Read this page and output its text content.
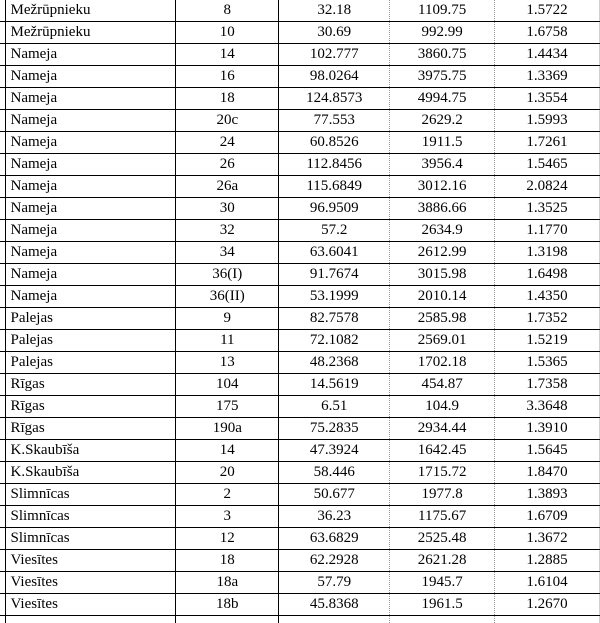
	Mežrūpnieku	8	32.18	1109.75	1.5722
	Mežrūpnieku	10	30.69	992.99	1.6758
	Nameja	14	102.777	3860.75	1.4434
	Nameja	16	98.0264	3975.75	1.3369
	Nameja	18	124.8573	4994.75	1.3554
	Nameja	20c	77.553	2629.2	1.5993
	Nameja	24	60.8526	1911.5	1.7261
	Nameja	26	112.8456	3956.4	1.5465
	Nameja	26a	115.6849	3012.16	2.0824
	Nameja	30	96.9509	3886.66	1.3525
	Nameja	32	57.2	2634.9	1.1770
	Nameja	34	63.6041	2612.99	1.3198
	Nameja	36(I)	91.7674	3015.98	1.6498
	Nameja	36(II)	53.1999	2010.14	1.4350
	Palejas	9	82.7578	2585.98	1.7352
	Palejas	11	72.1082	2569.01	1.5219
	Palejas	13	48.2368	1702.18	1.5365
	Rīgas	104	14.5619	454.87	1.7358
	Rīgas	175	6.51	104.9	3.3648
	Rīgas	190a	75.2835	2934.44	1.3910
	K.Skaubīša	14	47.3924	1642.45	1.5645
	K.Skaubīša	20	58.446	1715.72	1.8470
	Slimnīcas	2	50.677	1977.8	1.3893
	Slimnīcas	3	36.23	1175.67	1.6709
	Slimnīcas	12	63.6829	2525.48	1.3672
	Viesītes	18	62.2928	2621.28	1.2885
	Viesītes	18a	57.79	1945.7	1.6104
	Viesītes	18b	45.8368	1961.5	1.2670
